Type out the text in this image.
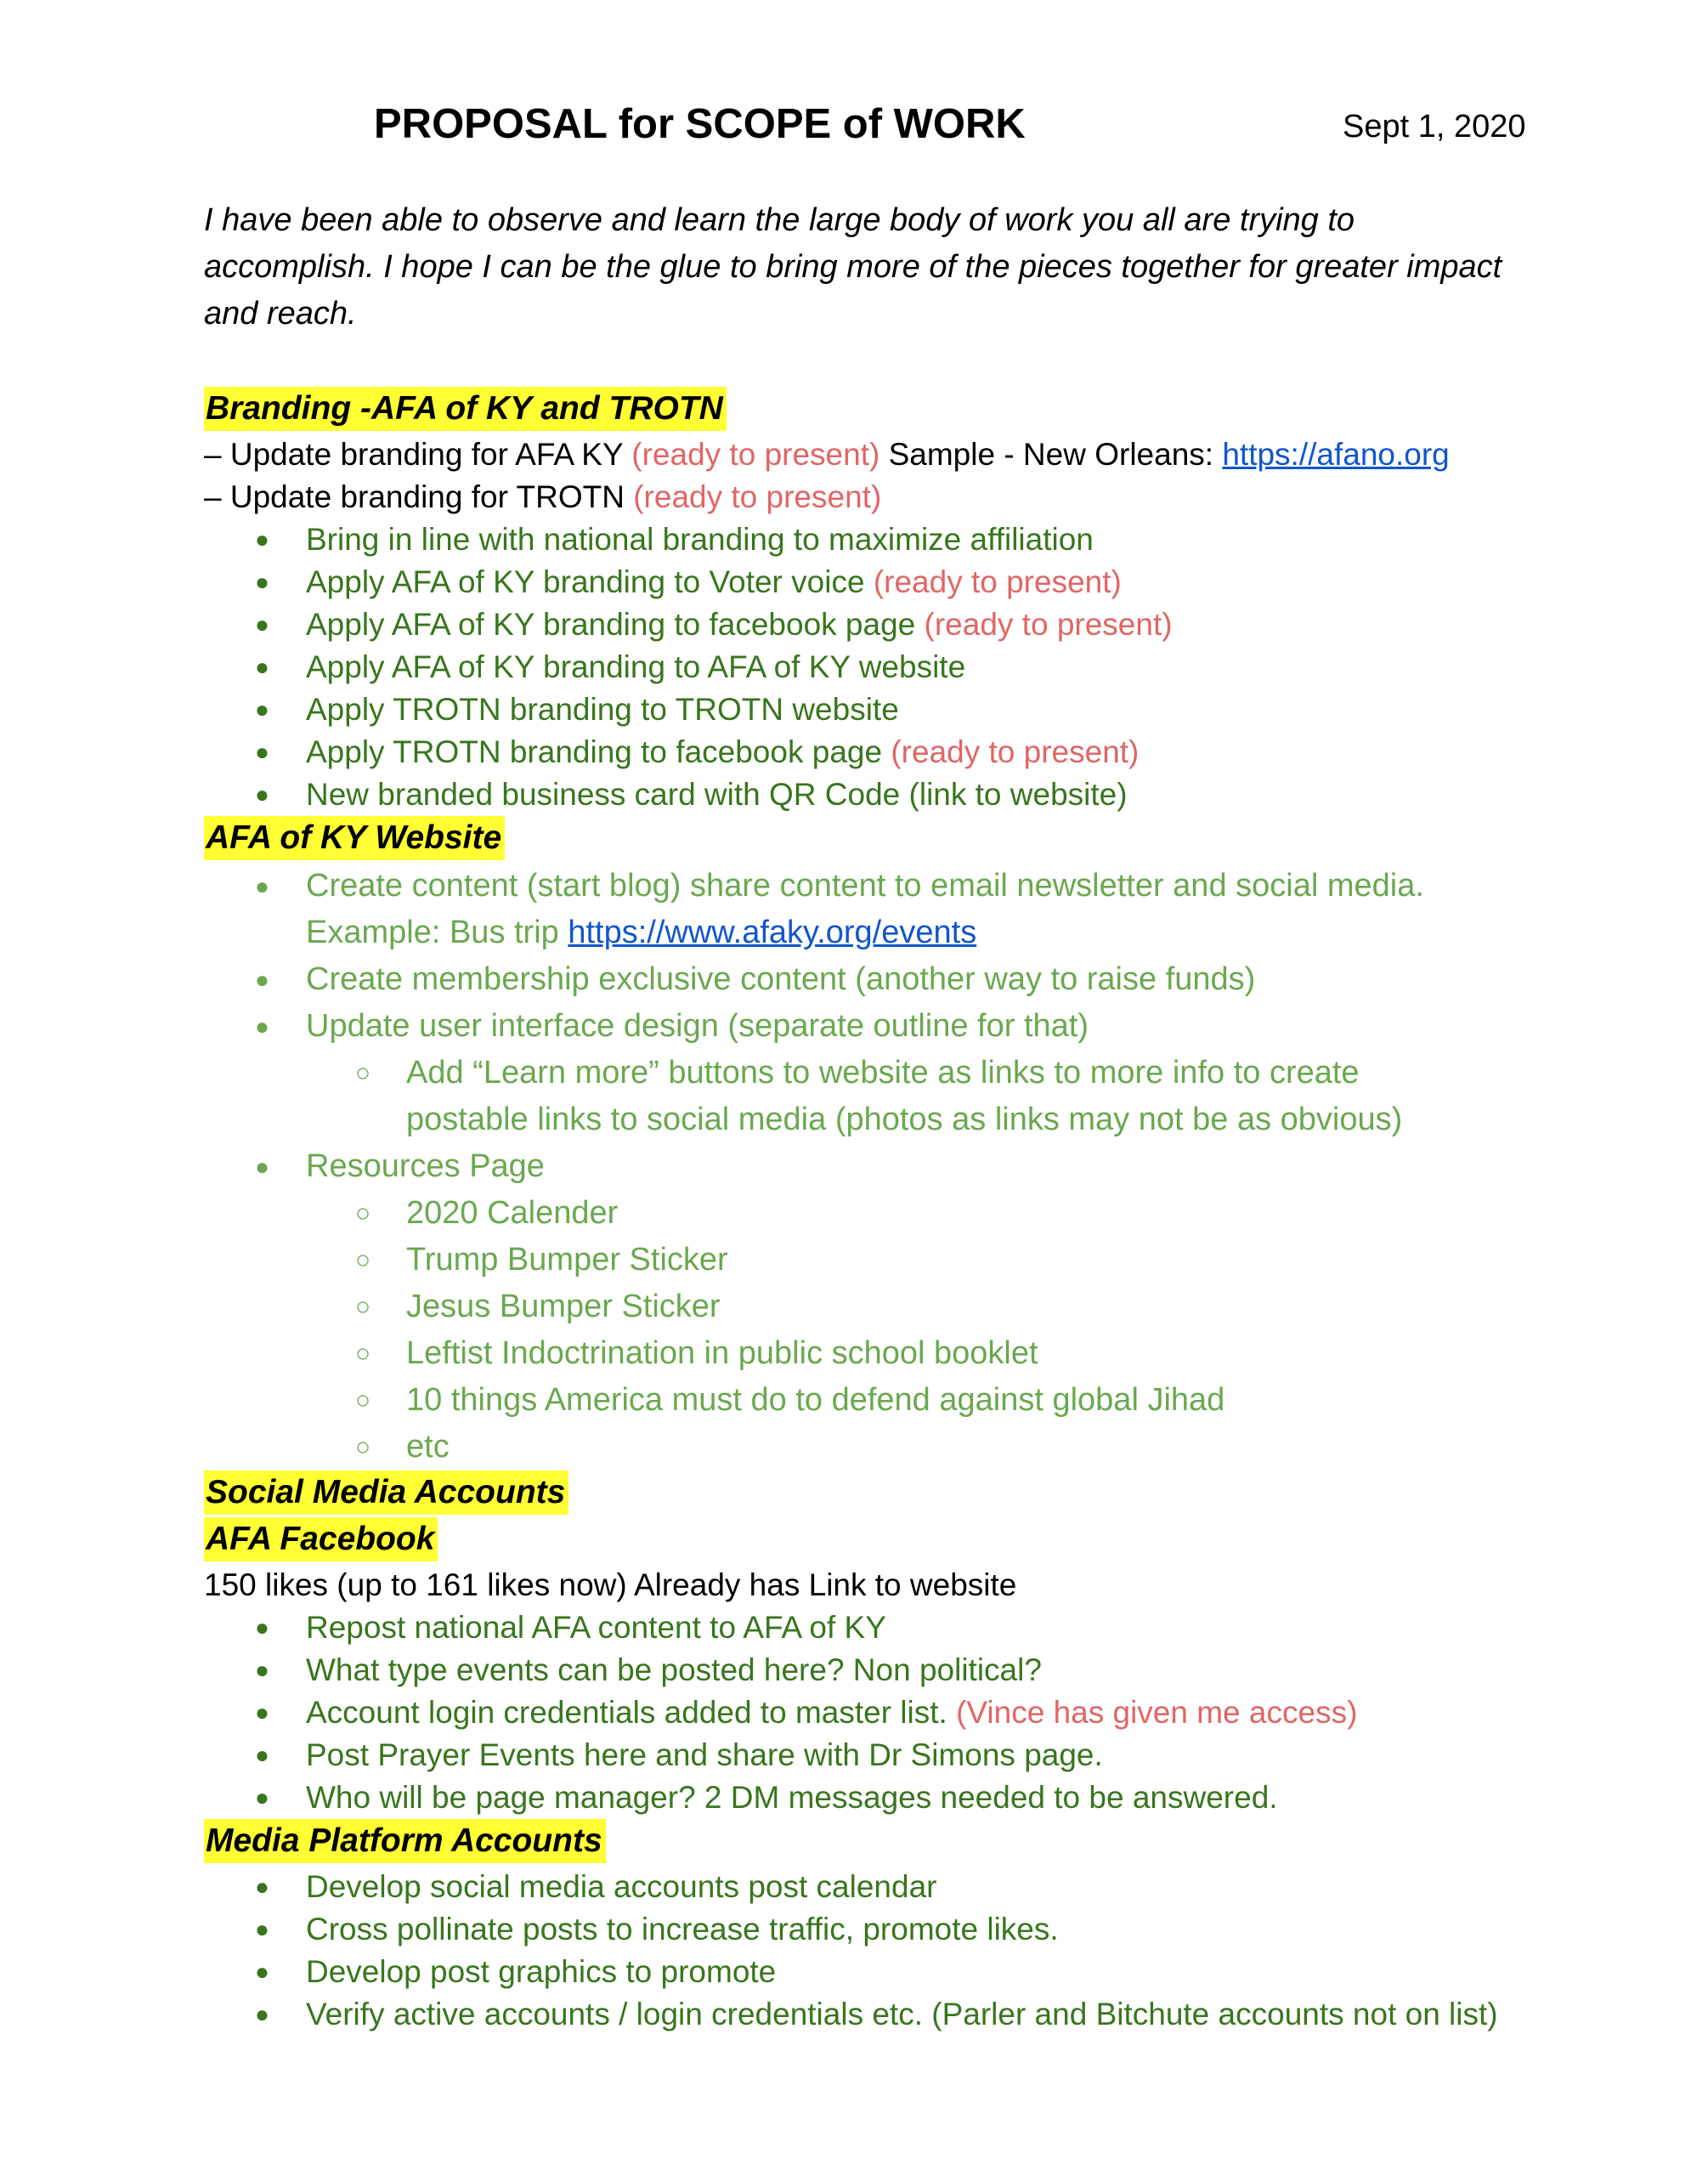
PROPOSAL for SCOPE of WORK	Sept 1, 2020
I have been able to observe and learn the large body of work you all are trying to accomplish. I hope I can be the glue to bring more of the pieces together for greater impact and reach.
Branding -AFA of KY and TROTN
– Update branding for AFA KY (ready to present) Sample - New Orleans: https://afano.org
– Update branding for TROTN (ready to present)
● Bring in line with national branding to maximize affiliation
● Apply AFA of KY branding to Voter voice (ready to present)
● Apply AFA of KY branding to facebook page (ready to present)
● Apply AFA of KY branding to AFA of KY website
● Apply TROTN branding to TROTN website
● Apply TROTN branding to facebook page (ready to present)
● New branded business card with QR Code (link to website)
AFA of KY Website
● Create content (start blog) share content to email newsletter and social media.
Example: Bus trip https://www.afaky.org/events
● Create membership exclusive content (another way to raise funds)
● Update user interface design (separate outline for that)
○ Add “Learn more” buttons to website as links to more info to create
postable links to social media (photos as links may not be as obvious)
● Resources Page
○ 2020 Calender
○ Trump Bumper Sticker
○ Jesus Bumper Sticker
○ Leftist Indoctrination in public school booklet
○ 10 things America must do to defend against global Jihad
○ etc
Social Media Accounts
AFA Facebook
150 likes (up to 161 likes now) Already has Link to website
● Repost national AFA content to AFA of KY
● What type events can be posted here? Non political?
● Account login credentials added to master list. (Vince has given me access)
● Post Prayer Events here and share with Dr Simons page.
● Who will be page manager? 2 DM messages needed to be answered.
Media Platform Accounts
● Develop social media accounts post calendar
● Cross pollinate posts to increase traffic, promote likes.
● Develop post graphics to promote
● Verify active accounts / login credentials etc. (Parler and Bitchute accounts not on list)
